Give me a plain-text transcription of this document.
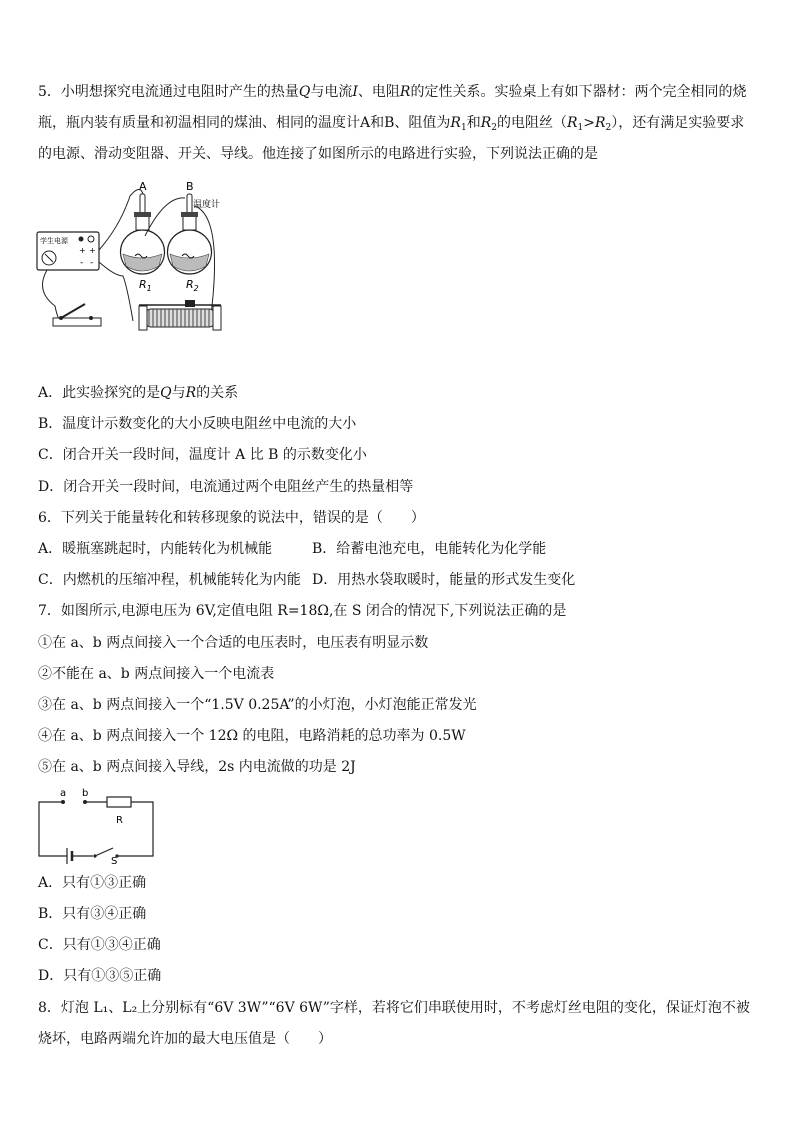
5．小明想探究电流通过电阻时产生的热量Q与电流I、电阻R的定性关系。实验桌上有如下器材：两个完全相同的烧
瓶，瓶内装有质量和初温相同的煤油、相同的温度计A和B、阻值为$R_1$和$R_2$的电阻丝$(R_1>R_2)$，还有满足实验要求
的电源、滑动变阻器、开关、导线。他连接了如图所示的电路进行实验，下列说法正确的是
A	B
温度计
$R_1$	$R_2$
学生电源
+ +
- -
A．此实验探究的是Q与R的关系
B．温度计示数变化的大小反映电阻丝中电流的大小
C．闭合开关一段时间，温度计 A 比 B 的示数变化小
D．闭合开关一段时间，电流通过两个电阻丝产生的热量相等
6．下列关于能量转化和转移现象的说法中，错误的是（　　）
A．暖瓶塞跳起时，内能转化为机械能	B．给蓄电池充电，电能转化为化学能
C．内燃机的压缩冲程，机械能转化为内能 D．用热水袋取暖时，能量的形式发生变化
7．如图所示,电源电压为 6V,定值电阻 R=18Ω,在 S 闭合的情况下,下列说法正确的是
①在 a、b 两点间接入一个合适的电压表时，电压表有明显示数
②不能在 a、b 两点间接入一个电流表
③在 a、b 两点间接入一个“1.5V 0.25A”的小灯泡，小灯泡能正常发光
④在 a、b 两点间接入一个 12Ω 的电阻，电路消耗的总功率为 0.5W
⑤在 a、b 两点间接入导线，2s 内电流做的功是 2J
a b
R
S
A．只有①③正确
B．只有③④正确
C．只有①③④正确
D．只有①③⑤正确
8．灯泡 L₁、L₂上分别标有“6V 3W”“6V 6W”字样，若将它们串联使用时，不考虑灯丝电阻的变化，保证灯泡不被
烧坏，电路两端允许加的最大电压值是（　　）
